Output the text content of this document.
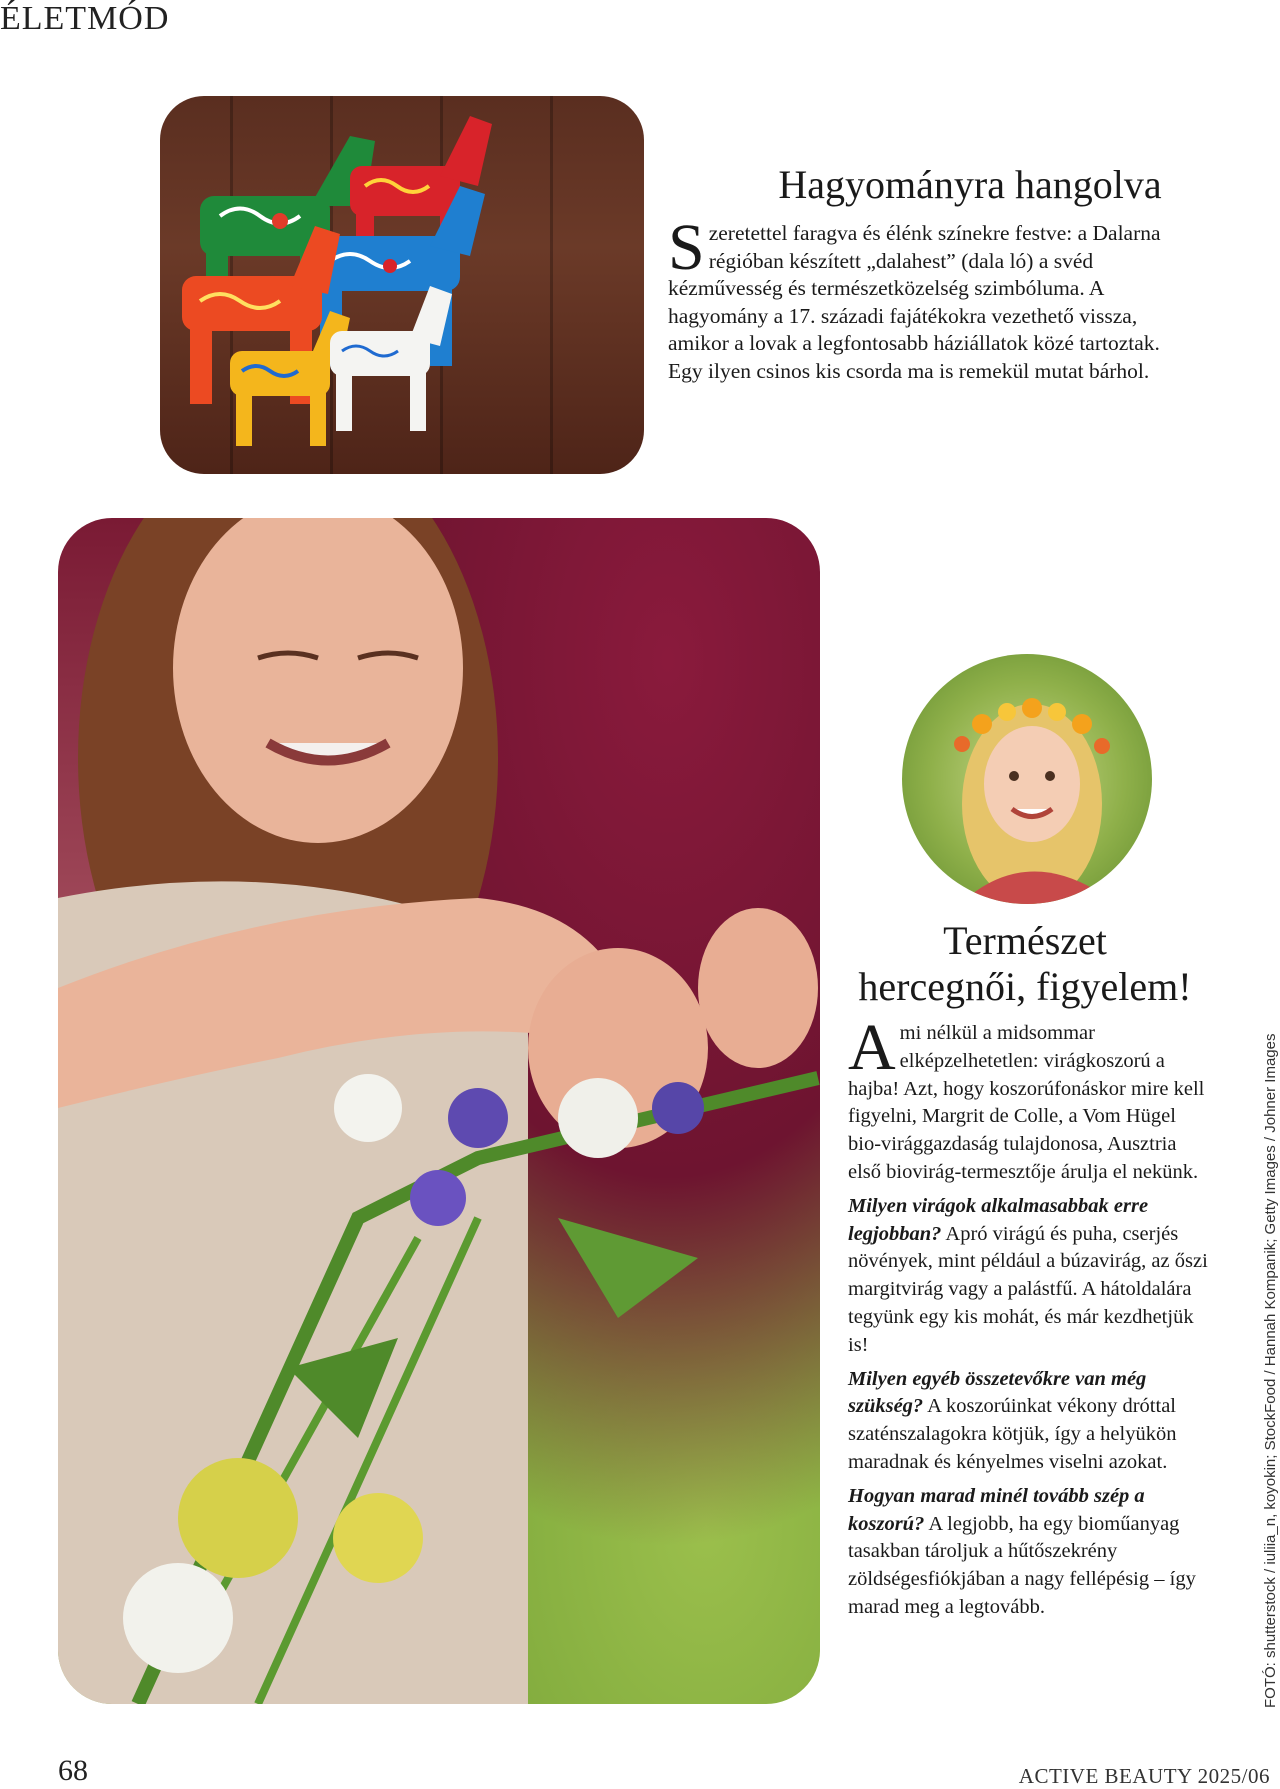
ÉLETMÓD
Hagyományra hangolva
Szeretettel faragva és élénk színekre festve: a Dalarna régióban készített „dalahest” (dala ló) a svéd kézművesség és természetközelség szimbóluma. A hagyomány a 17. századi fajátékokra vezethető vissza, amikor a lovak a legfontosabb háziállatok közé tartoztak. Egy ilyen csinos kis csorda ma is remekül mutat bárhol.
Természet
hercegnői, figyelem!

Ami nélkül a midsommar elképzelhetetlen: virágkoszorú a hajba! Azt, hogy koszorúfonáskor mire kell figyelni, Margrit de Colle, a Vom Hügel bio-virággazdaság tulajdonosa, Ausztria első biovirág-termesztője árulja el nekünk.

Milyen virágok alkalmasabbak erre legjobban? Apró virágú és puha, cserjés növények, mint például a búzavirág, az őszi margitvirág vagy a palástfű. A hátoldalára tegyünk egy kis mohát, és már kezdhetjük is!

Milyen egyéb összetevőkre van még szükség? A koszorúinkat vékony dróttal szaténszalagokra kötjük, így a helyükön maradnak és kényelmes viselni azokat.

Hogyan marad minél tovább szép a koszorú? A legjobb, ha egy bioműanyag tasakban tároljuk a hűtőszekrény zöldségesfiókjában a nagy fellépésig – így marad meg a legtovább.	FOTÓ: shutterstock / iuliia_n, koyokin; StockFood / Hannah Kompanik; Getty Images / Johner Images
68	ACTIVE BEAUTY 2025/06
